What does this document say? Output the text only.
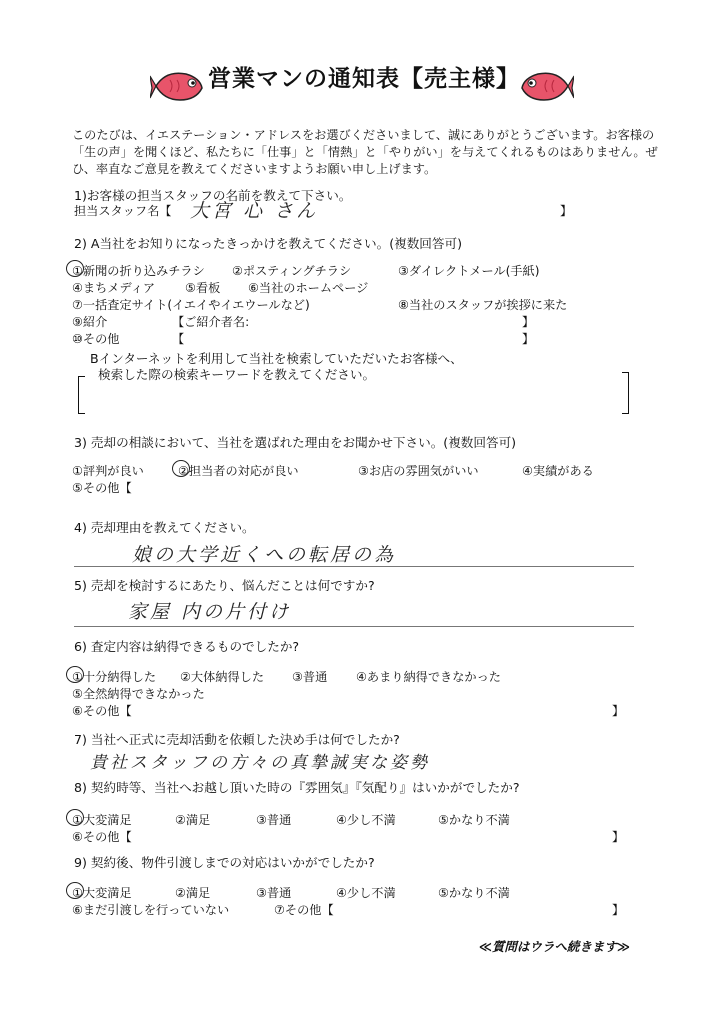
営業マンの通知表【売主様】
このたびは、イエステーション・アドレスをお選びくださいまして、誠にありがとうございます。お客様の「生の声」を聞くほど、私たちに「仕事」と「情熱」と「やりがい」を与えてくれるものはありません。ぜひ、率直なご意見を教えてくださいますようお願い申し上げます。
1)お客様の担当スタッフの名前を教えて下さい。
担当スタッフ名【 大宮 心 さん	】
2) A当社をお知りになったきっかけを教えてください。(複数回答可)
①新聞の折り込みチラシ ②ポスティングチラシ	③ダイレクトメール(手紙)
④まちメディア ⑤看板 ⑥当社のホームページ
⑦一括査定サイト(イエイやイエウールなど)	⑧当社のスタッフが挨拶に来た
⑨紹介	【ご紹介者名:	】
⑩その他	【	】
Bインターネットを利用して当社を検索していただいたお客様へ、
検索した際の検索キーワードを教えてください。
3) 売却の相談において、当社を選ばれた理由をお聞かせ下さい。(複数回答可)
①評判が良い	②担当者の対応が良い	③お店の雰囲気がいい	④実績がある
⑤その他【
4) 売却理由を教えてください。
娘の大学近くへの転居の為
5) 売却を検討するにあたり、悩んだことは何ですか?
家屋 内の片付け
6) 査定内容は納得できるものでしたか?
①十分納得した ②大体納得した ③普通 ④あまり納得できなかった
⑤全然納得できなかった
⑥その他【	】
7) 当社へ正式に売却活動を依頼した決め手は何でしたか?
貴社スタッフの方々の真摯誠実な姿勢
8) 契約時等、当社へお越し頂いた時の『雰囲気』『気配り』はいかがでしたか?
①大変満足	②満足	③普通	④少し不満	⑤かなり不満
⑥その他【	】
9) 契約後、物件引渡しまでの対応はいかがでしたか?
①大変満足	②満足	③普通	④少し不満	⑤かなり不満
⑥まだ引渡しを行っていない	⑦その他【	】
≪質問はウラへ続きます≫
